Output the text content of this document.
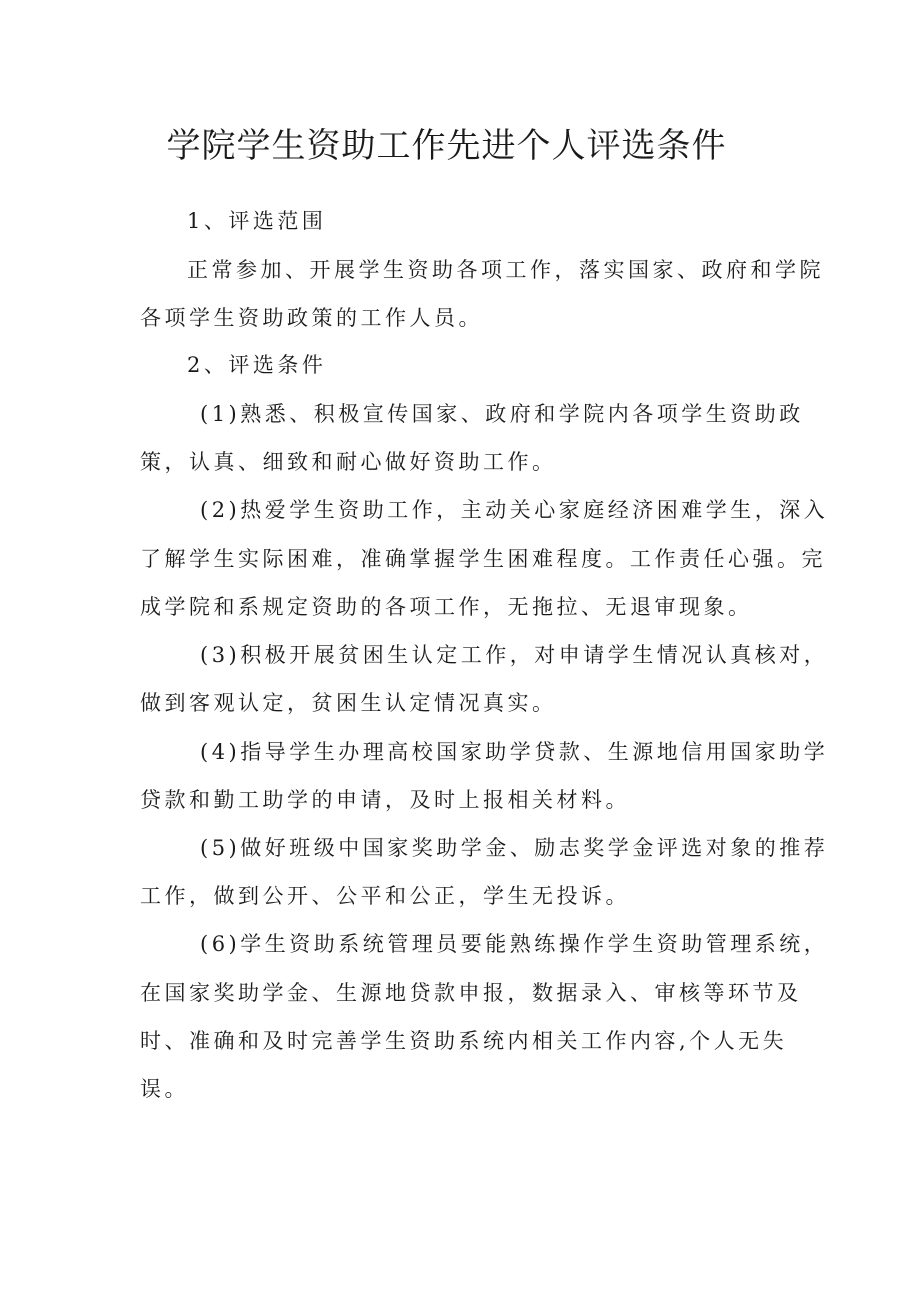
学院学生资助工作先进个人评选条件
1、评选范围
正常参加、开展学生资助各项工作，落实国家、政府和学院
各项学生资助政策的工作人员。
2、评选条件
(1)熟悉、积极宣传国家、政府和学院内各项学生资助政
策，认真、细致和耐心做好资助工作。
(2)热爱学生资助工作，主动关心家庭经济困难学生，深入
了解学生实际困难，准确掌握学生困难程度。工作责任心强。完
成学院和系规定资助的各项工作，无拖拉、无退审现象。
(3)积极开展贫困生认定工作，对申请学生情况认真核对，
做到客观认定，贫困生认定情况真实。
(4)指导学生办理高校国家助学贷款、生源地信用国家助学
贷款和勤工助学的申请，及时上报相关材料。
(5)做好班级中国家奖助学金、励志奖学金评选对象的推荐
工作，做到公开、公平和公正，学生无投诉。
(6)学生资助系统管理员要能熟练操作学生资助管理系统，
在国家奖助学金、生源地贷款申报，数据录入、审核等环节及
时、准确和及时完善学生资助系统内相关工作内容,个人无失
误。
